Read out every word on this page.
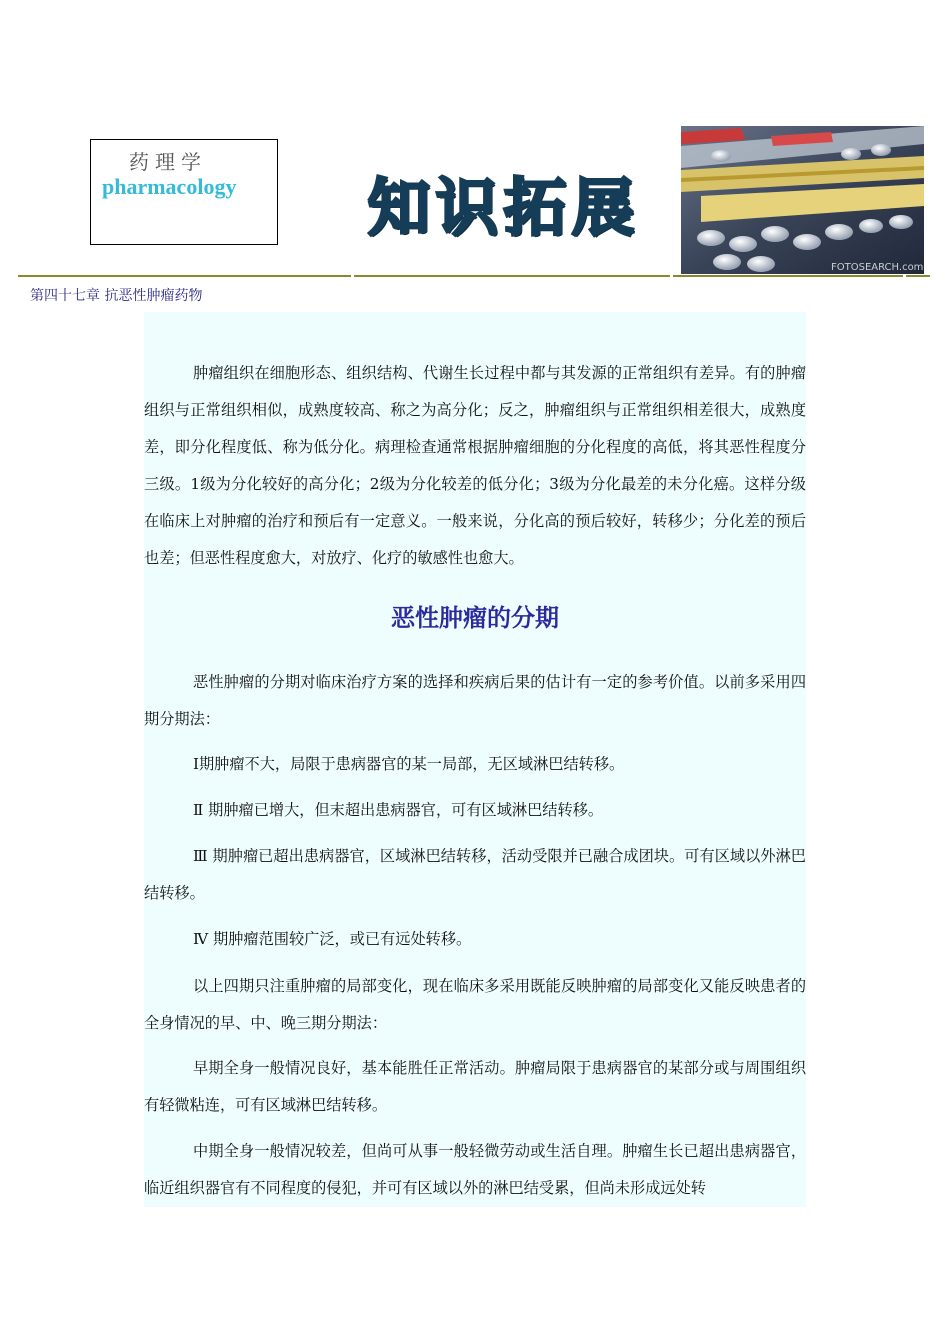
药理学
pharmacology 知识拓展
FOTOSEARCH.com
第四十七章 抗恶性肿瘤药物

肿瘤组织在细胞形态、组织结构、代谢生长过程中都与其发源的正常组织有差异。有的肿瘤组织与正常组织相似，成熟度较高、称之为高分化；反之，肿瘤组织与正常组织相差很大，成熟度差，即分化程度低、称为低分化。病理检查通常根据肿瘤细胞的分化程度的高低，将其恶性程度分三级。1级为分化较好的高分化；2级为分化较差的低分化；3级为分化最差的未分化癌。这样分级在临床上对肿瘤的治疗和预后有一定意义。一般来说，分化高的预后较好，转移少；分化差的预后也差；但恶性程度愈大，对放疗、化疗的敏感性也愈大。

恶性肿瘤的分期

恶性肿瘤的分期对临床治疗方案的选择和疾病后果的估计有一定的参考价值。以前多采用四期分期法：

Ⅰ期肿瘤不大，局限于患病器官的某一局部，无区域淋巴结转移。

Ⅱ 期肿瘤已增大，但末超出患病器官，可有区域淋巴结转移。

Ⅲ 期肿瘤已超出患病器官，区域淋巴结转移，活动受限并已融合成团块。可有区域以外淋巴结转移。

Ⅳ 期肿瘤范围较广泛，或已有远处转移。

以上四期只注重肿瘤的局部变化，现在临床多采用既能反映肿瘤的局部变化又能反映患者的全身情况的早、中、晚三期分期法：

早期全身一般情况良好，基本能胜任正常活动。肿瘤局限于患病器官的某部分或与周围组织有轻微粘连，可有区域淋巴结转移。

中期全身一般情况较差，但尚可从事一般轻微劳动或生活自理。肿瘤生长已超出患病器官，临近组织器官有不同程度的侵犯，并可有区域以外的淋巴结受累，但尚未形成远处转
